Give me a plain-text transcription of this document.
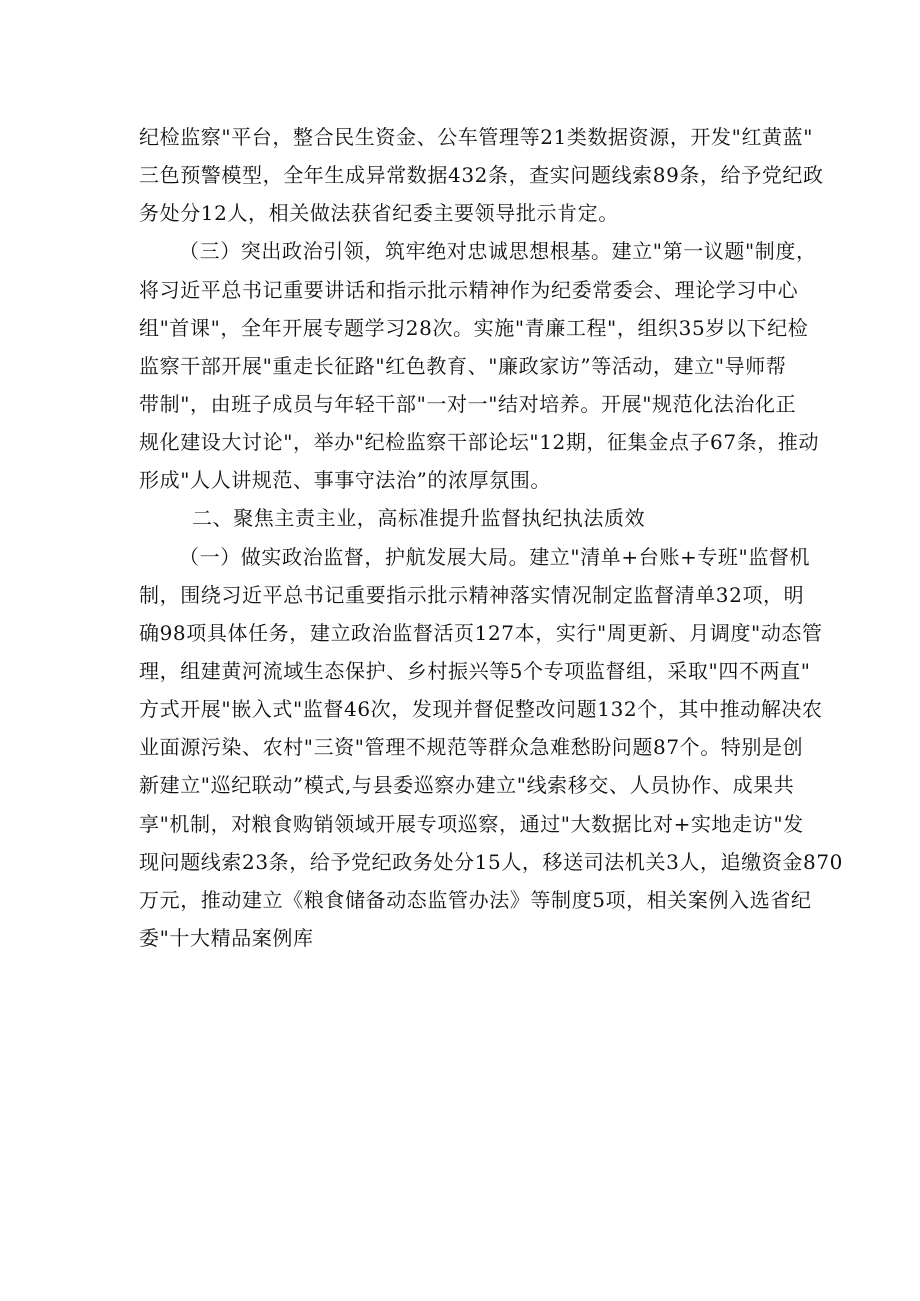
纪检监察"平台，整合民生资金、公车管理等21类数据资源，开发"红黄蓝"
三色预警模型，全年生成异常数据432条，查实问题线索89条，给予党纪政
务处分12人，相关做法获省纪委主要领导批示肯定。
（三）突出政治引领，筑牢绝对忠诚思想根基。建立"第一议题"制度，
将习近平总书记重要讲话和指示批示精神作为纪委常委会、理论学习中心
组"首课"，全年开展专题学习28次。实施"青廉工程"，组织35岁以下纪检
监察干部开展"重走长征路"红色教育、"廉政家访”等活动，建立"导师帮
带制"，由班子成员与年轻干部"一对一"结对培养。开展"规范化法治化正
规化建设大讨论"，举办"纪检监察干部论坛"12期，征集金点子67条，推动
形成"人人讲规范、事事守法治”的浓厚氛围。
二、聚焦主责主业，高标准提升监督执纪执法质效
（一）做实政治监督，护航发展大局。建立"清单+台账+专班"监督机
制，围绕习近平总书记重要指示批示精神落实情况制定监督清单32项，明
确98项具体任务，建立政治监督活页127本，实行"周更新、月调度"动态管
理，组建黄河流域生态保护、乡村振兴等5个专项监督组，采取"四不两直"
方式开展"嵌入式"监督46次，发现并督促整改问题132个，其中推动解决农
业面源污染、农村"三资"管理不规范等群众急难愁盼问题87个。特别是创
新建立"巡纪联动”模式,与县委巡察办建立"线索移交、人员协作、成果共
享"机制，对粮食购销领域开展专项巡察，通过"大数据比对+实地走访"发
现问题线索23条，给予党纪政务处分15人，移送司法机关3人，追缴资金870
万元，推动建立《粮食储备动态监管办法》等制度5项，相关案例入选省纪
委"十大精品案例库
